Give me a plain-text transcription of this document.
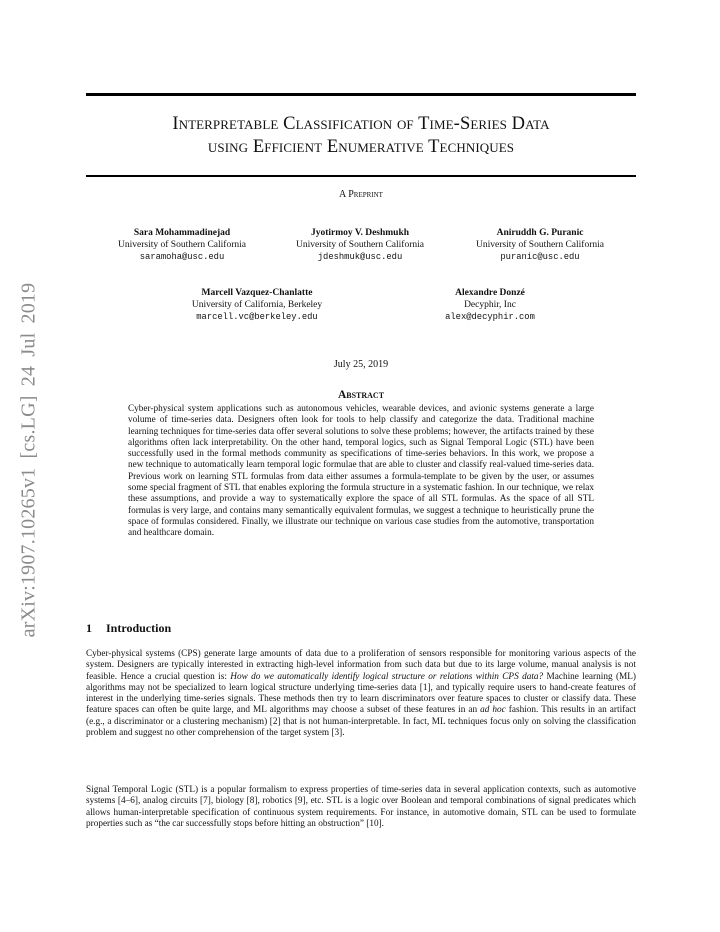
arXiv:1907.10265v1 [cs.LG] 24 Jul 2019
Interpretable Classification of Time-Series Data
using Efficient Enumerative Techniques
A Preprint
Sara Mohammadinejad
University of Southern California
saramoha@usc.edu
Jyotirmoy V. Deshmukh
University of Southern California
jdeshmuk@usc.edu
Aniruddh G. Puranic
University of Southern California
puranic@usc.edu
Marcell Vazquez-Chanlatte
University of California, Berkeley
marcell.vc@berkeley.edu
Alexandre Donzé
Decyphir, Inc
alex@decyphir.com
July 25, 2019
Abstract
Cyber-physical system applications such as autonomous vehicles, wearable devices, and avionic systems generate a large volume of time-series data. Designers often look for tools to help classify and categorize the data. Traditional machine learning techniques for time-series data offer several solutions to solve these problems; however, the artifacts trained by these algorithms often lack interpretability. On the other hand, temporal logics, such as Signal Temporal Logic (STL) have been successfully used in the formal methods community as specifications of time-series behaviors. In this work, we propose a new technique to automatically learn temporal logic formulae that are able to cluster and classify real-valued time-series data. Previous work on learning STL formulas from data either assumes a formula-template to be given by the user, or assumes some special fragment of STL that enables exploring the formula structure in a systematic fashion. In our technique, we relax these assumptions, and provide a way to systematically explore the space of all STL formulas. As the space of all STL formulas is very large, and contains many semantically equivalent formulas, we suggest a technique to heuristically prune the space of formulas considered. Finally, we illustrate our technique on various case studies from the automotive, transportation and healthcare domain.
1 Introduction
Cyber-physical systems (CPS) generate large amounts of data due to a proliferation of sensors responsible for monitoring various aspects of the system. Designers are typically interested in extracting high-level information from such data but due to its large volume, manual analysis is not feasible. Hence a crucial question is: How do we automatically identify logical structure or relations within CPS data? Machine learning (ML) algorithms may not be specialized to learn logical structure underlying time-series data [1], and typically require users to hand-create features of interest in the underlying time-series signals. These methods then try to learn discriminators over feature spaces to cluster or classify data. These feature spaces can often be quite large, and ML algorithms may choose a subset of these features in an ad hoc fashion. This results in an artifact (e.g., a discriminator or a clustering mechanism) [2] that is not human-interpretable. In fact, ML techniques focus only on solving the classification problem and suggest no other comprehension of the target system [3].
Signal Temporal Logic (STL) is a popular formalism to express properties of time-series data in several application contexts, such as automotive systems [4–6], analog circuits [7], biology [8], robotics [9], etc. STL is a logic over Boolean and temporal combinations of signal predicates which allows human-interpretable specification of continuous system requirements. For instance, in automotive domain, STL can be used to formulate properties such as “the car successfully stops before hitting an obstruction” [10].
